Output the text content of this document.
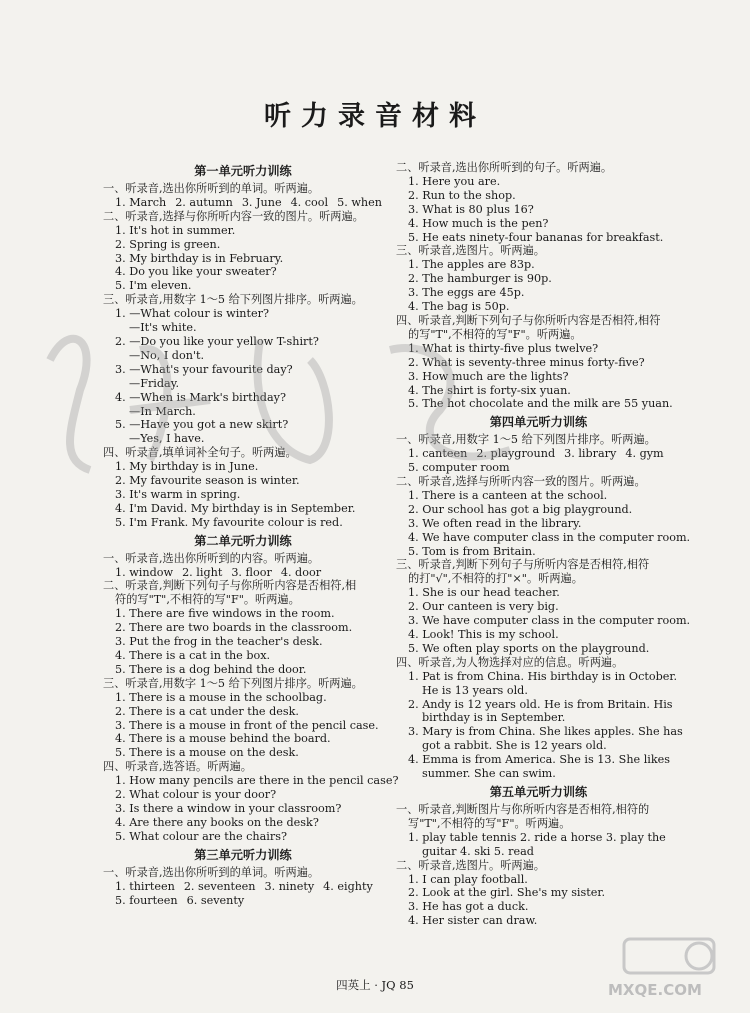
听力录音材料
第一单元听力训练
一、听录音,选出你所听到的单词。听两遍。
1. March 2. autumn 3. June 4. cool 5. when
二、听录音,选择与你所听内容一致的图片。听两遍。
1. It's hot in summer.
2. Spring is green.
3. My birthday is in February.
4. Do you like your sweater?
5. I'm eleven.
三、听录音,用数字 1～5 给下列图片排序。听两遍。
1. —What colour is winter?
—It's white.
2. —Do you like your yellow T-shirt?
—No, I don't.
3. —What's your favourite day?
—Friday.
4. —When is Mark's birthday?
—In March.
5. —Have you got a new skirt?
—Yes, I have.
四、听录音,填单词补全句子。听两遍。
1. My birthday is in June.
2. My favourite season is winter.
3. It's warm in spring.
4. I'm David. My birthday is in September.
5. I'm Frank. My favourite colour is red.
第二单元听力训练
一、听录音,选出你所听到的内容。听两遍。
1. window 2. light 3. floor 4. door
二、听录音,判断下列句子与你所听内容是否相符,相
符的写"T",不相符的写"F"。听两遍。
1. There are five windows in the room.
2. There are two boards in the classroom.
3. Put the frog in the teacher's desk.
4. There is a cat in the box.
5. There is a dog behind the door.
三、听录音,用数字 1～5 给下列图片排序。听两遍。
1. There is a mouse in the schoolbag.
2. There is a cat under the desk.
3. There is a mouse in front of the pencil case.
4. There is a mouse behind the board.
5. There is a mouse on the desk.
四、听录音,选答语。听两遍。
1. How many pencils are there in the pencil case?
2. What colour is your door?
3. Is there a window in your classroom?
4. Are there any books on the desk?
5. What colour are the chairs?
第三单元听力训练
一、听录音,选出你所听到的单词。听两遍。
1. thirteen 2. seventeen 3. ninety 4. eighty
5. fourteen 6. seventy
二、听录音,选出你所听到的句子。听两遍。
1. Here you are.
2. Run to the shop.
3. What is 80 plus 16?
4. How much is the pen?
5. He eats ninety-four bananas for breakfast.
三、听录音,选图片。听两遍。
1. The apples are 83p.
2. The hamburger is 90p.
3. The eggs are 45p.
4. The bag is 50p.
四、听录音,判断下列句子与你所听内容是否相符,相符
的写"T",不相符的写"F"。听两遍。
1. What is thirty-five plus twelve?
2. What is seventy-three minus forty-five?
3. How much are the lights?
4. The shirt is forty-six yuan.
5. The hot chocolate and the milk are 55 yuan.
第四单元听力训练
一、听录音,用数字 1～5 给下列图片排序。听两遍。
1. canteen 2. playground 3. library 4. gym
5. computer room
二、听录音,选择与所听内容一致的图片。听两遍。
1. There is a canteen at the school.
2. Our school has got a big playground.
3. We often read in the library.
4. We have computer class in the computer room.
5. Tom is from Britain.
三、听录音,判断下列句子与所听内容是否相符,相符
的打"√",不相符的打"×"。听两遍。
1. She is our head teacher.
2. Our canteen is very big.
3. We have computer class in the computer room.
4. Look! This is my school.
5. We often play sports on the playground.
四、听录音,为人物选择对应的信息。听两遍。
1. Pat is from China. His birthday is in October.
He is 13 years old.
2. Andy is 12 years old. He is from Britain. His
birthday is in September.
3. Mary is from China. She likes apples. She has
got a rabbit. She is 12 years old.
4. Emma is from America. She is 13. She likes
summer. She can swim.
第五单元听力训练
一、听录音,判断图片与你所听内容是否相符,相符的
写"T",不相符的写"F"。听两遍。
1. play table tennis 2. ride a horse 3. play the
guitar 4. ski 5. read
二、听录音,选图片。听两遍。
1. I can play football.
2. Look at the girl. She's my sister.
3. He has got a duck.
4. Her sister can draw.
MXQE.COM
四英上 · JQ 85
